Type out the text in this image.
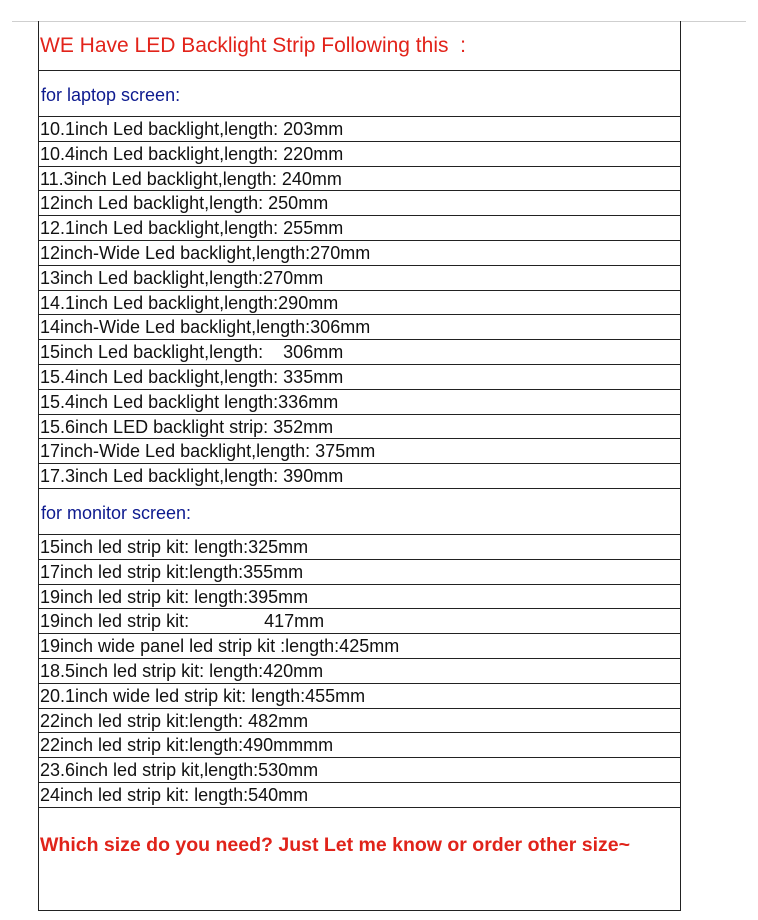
WE Have LED Backlight Strip Following this  :
for laptop screen:
10.1inch Led backlight,length: 203mm
10.4inch Led backlight,length: 220mm
11.3inch Led backlight,length: 240mm
12inch Led backlight,length: 250mm
12.1inch Led backlight,length: 255mm
12inch-Wide Led backlight,length:270mm
13inch Led backlight,length:270mm
14.1inch Led backlight,length:290mm
14inch-Wide Led backlight,length:306mm
15inch Led backlight,length:    306mm
15.4inch Led backlight,length: 335mm
15.4inch Led backlight length:336mm
15.6inch LED backlight strip: 352mm
17inch-Wide Led backlight,length: 375mm
17.3inch Led backlight,length: 390mm
for monitor screen:
15inch led strip kit: length:325mm
17inch led strip kit:length:355mm
19inch led strip kit: length:395mm
19inch led strip kit:               417mm
19inch wide panel led strip kit :length:425mm
18.5inch led strip kit: length:420mm
20.1inch wide led strip kit: length:455mm
22inch led strip kit:length: 482mm
22inch led strip kit:length:490mmmm
23.6inch led strip kit,length:530mm
24inch led strip kit: length:540mm
Which size do you need? Just Let me know or order other size~
